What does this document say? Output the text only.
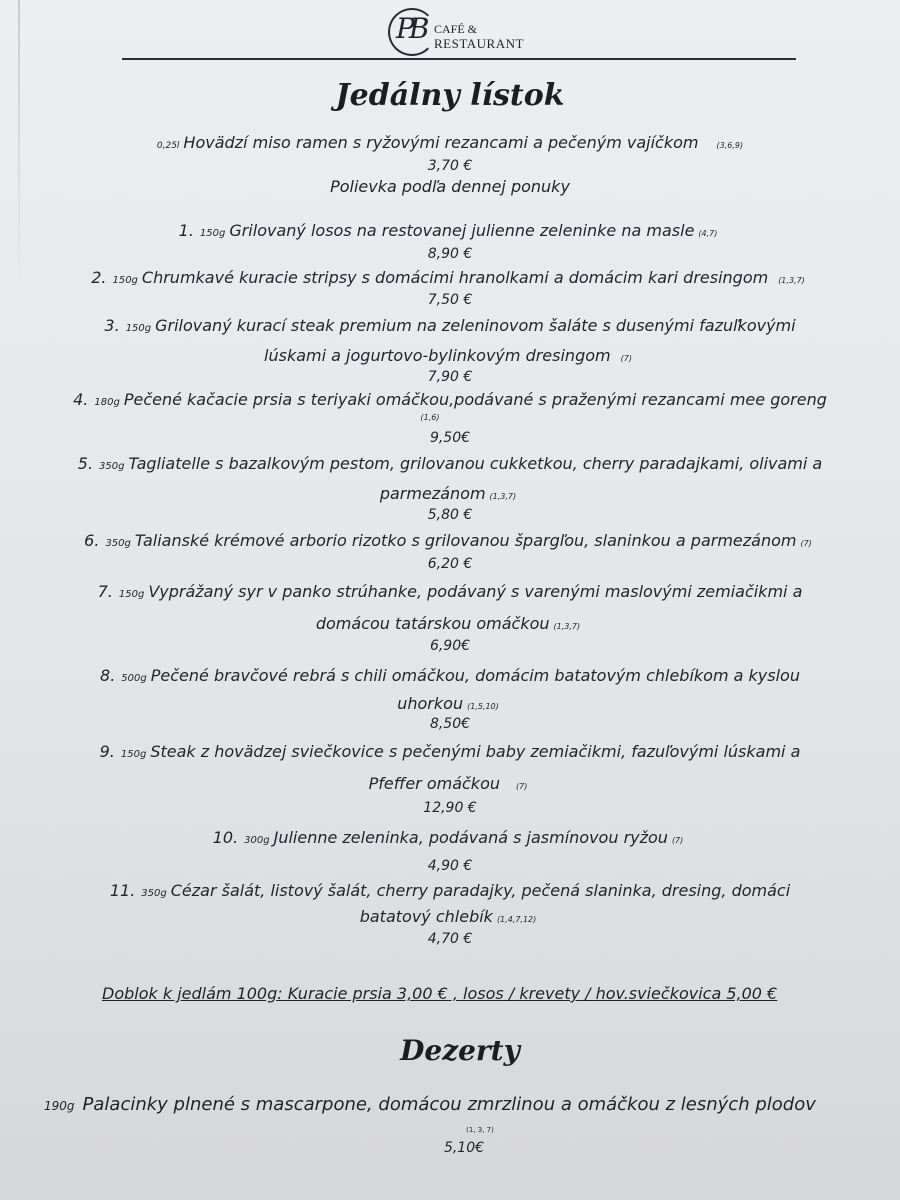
PB CAFÉ &
RESTAURANT
Jedálny lístok
0,25l Hovädzí miso ramen s ryžovými rezancami a pečeným vajíčkom (3,6,9)
3,70 €
Polievka podľa dennej ponuky
1. 150g Grilovaný losos na restovanej julienne zeleninke na masle (4,7)
8,90 €
2. 150g Chrumkavé kuracie stripsy s domácimi hranolkami a domácim kari dresingom (1,3,7)
7,50 €
3. 150g Grilovaný kurací steak premium na zeleninovom šaláte s dusenými fazuľkovými
lúskami a jogurtovo-bylinkovým dresingom (7)
7,90 €
4. 180g Pečené kačacie prsia s teriyaki omáčkou,podávané s praženými rezancami mee goreng
(1,6)
9,50€
5. 350g Tagliatelle s bazalkovým pestom, grilovanou cukketkou, cherry paradajkami, olivami a
parmezánom (1,3,7)
5,80 €
6. 350g Talianské krémové arborio rizotko s grilovanou špargľou, slaninkou a parmezánom (7)
6,20 €
7. 150g Vyprážaný syr v panko strúhanke, podávaný s varenými maslovými zemiačikmi a
domácou tatárskou omáčkou (1,3,7)
6,90€
8. 500g Pečené bravčové rebrá s chili omáčkou, domácim batatovým chlebíkom a kyslou
uhorkou (1,5,10)
8,50€
9. 150g Steak z hovädzej sviečkovice s pečenými baby zemiačikmi, fazuľovými lúskami a
Pfeffer omáčkou (7)
12,90 €
10. 300g Julienne zeleninka, podávaná s jasmínovou ryžou (7)
4,90 €
11. 350g Cézar šalát, listový šalát, cherry paradajky, pečená slaninka, dresing, domáci
batatový chlebík (1,4,7,12)
4,70 €
Doblok k jedlám 100g: Kuracie prsia 3,00 € , losos / krevety / hov.sviečkovica 5,00 €
Dezerty
190g Palacinky plnené s mascarpone, domácou zmrzlinou a omáčkou z lesných plodov
(1, 3, 7)
5,10€
